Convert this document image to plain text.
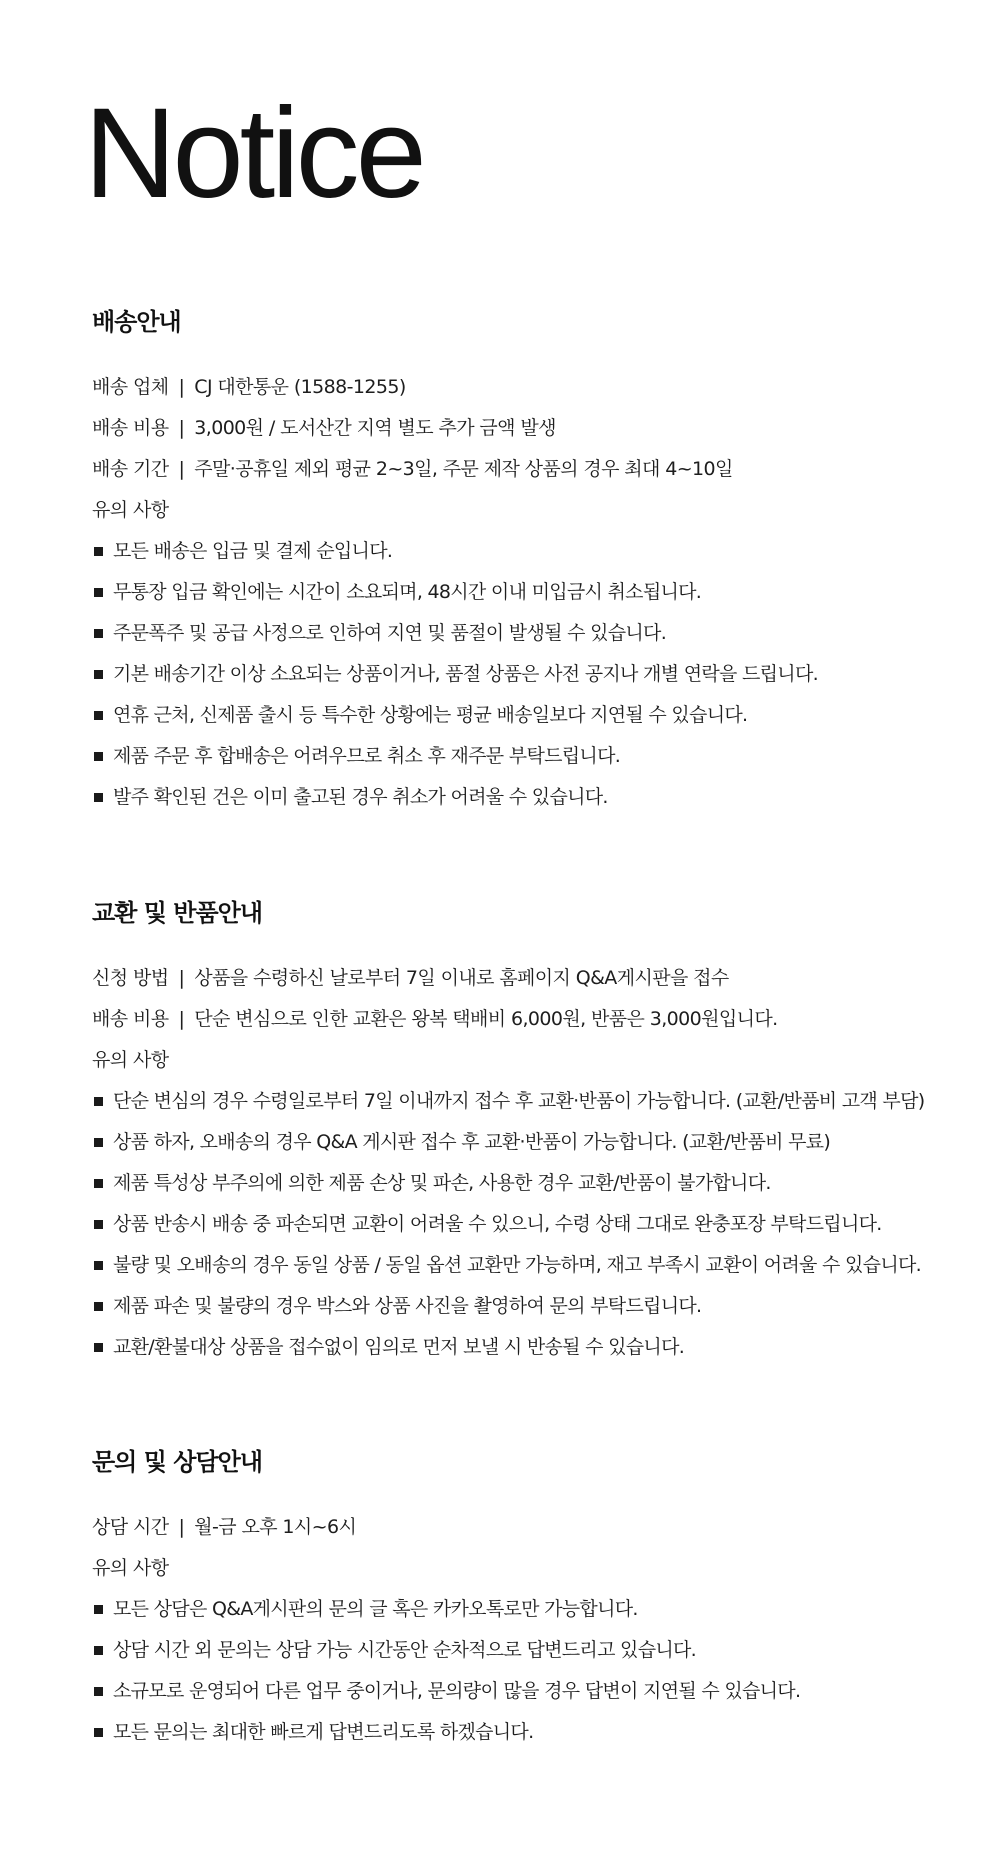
Notice
배송안내
배송 업체 | CJ 대한통운 (1588-1255)
배송 비용 | 3,000원 / 도서산간 지역 별도 추가 금액 발생
배송 기간 | 주말·공휴일 제외 평균 2~3일, 주문 제작 상품의 경우 최대 4~10일
유의 사항
모든 배송은 입금 및 결제 순입니다.
무통장 입금 확인에는 시간이 소요되며, 48시간 이내 미입금시 취소됩니다.
주문폭주 및 공급 사정으로 인하여 지연 및 품절이 발생될 수 있습니다.
기본 배송기간 이상 소요되는 상품이거나, 품절 상품은 사전 공지나 개별 연락을 드립니다.
연휴 근처, 신제품 출시 등 특수한 상황에는 평균 배송일보다 지연될 수 있습니다.
제품 주문 후 합배송은 어려우므로 취소 후 재주문 부탁드립니다.
발주 확인된 건은 이미 출고된 경우 취소가 어려울 수 있습니다.
교환 및 반품안내
신청 방법 | 상품을 수령하신 날로부터 7일 이내로 홈페이지 Q&A게시판을 접수
배송 비용 | 단순 변심으로 인한 교환은 왕복 택배비 6,000원, 반품은 3,000원입니다.
유의 사항
단순 변심의 경우 수령일로부터 7일 이내까지 접수 후 교환·반품이 가능합니다. (교환/반품비 고객 부담)
상품 하자, 오배송의 경우 Q&A 게시판 접수 후 교환·반품이 가능합니다. (교환/반품비 무료)
제품 특성상 부주의에 의한 제품 손상 및 파손, 사용한 경우 교환/반품이 불가합니다.
상품 반송시 배송 중 파손되면 교환이 어려울 수 있으니, 수령 상태 그대로 완충포장 부탁드립니다.
불량 및 오배송의 경우 동일 상품 / 동일 옵션 교환만 가능하며, 재고 부족시 교환이 어려울 수 있습니다.
제품 파손 및 불량의 경우 박스와 상품 사진을 촬영하여 문의 부탁드립니다.
교환/환불대상 상품을 접수없이 임의로 먼저 보낼 시 반송될 수 있습니다.
문의 및 상담안내
상담 시간 | 월-금 오후 1시~6시
유의 사항
모든 상담은 Q&A게시판의 문의 글 혹은 카카오톡로만 가능합니다.
상담 시간 외 문의는 상담 가능 시간동안 순차적으로 답변드리고 있습니다.
소규모로 운영되어 다른 업무 중이거나, 문의량이 많을 경우 답변이 지연될 수 있습니다.
모든 문의는 최대한 빠르게 답변드리도록 하겠습니다.
